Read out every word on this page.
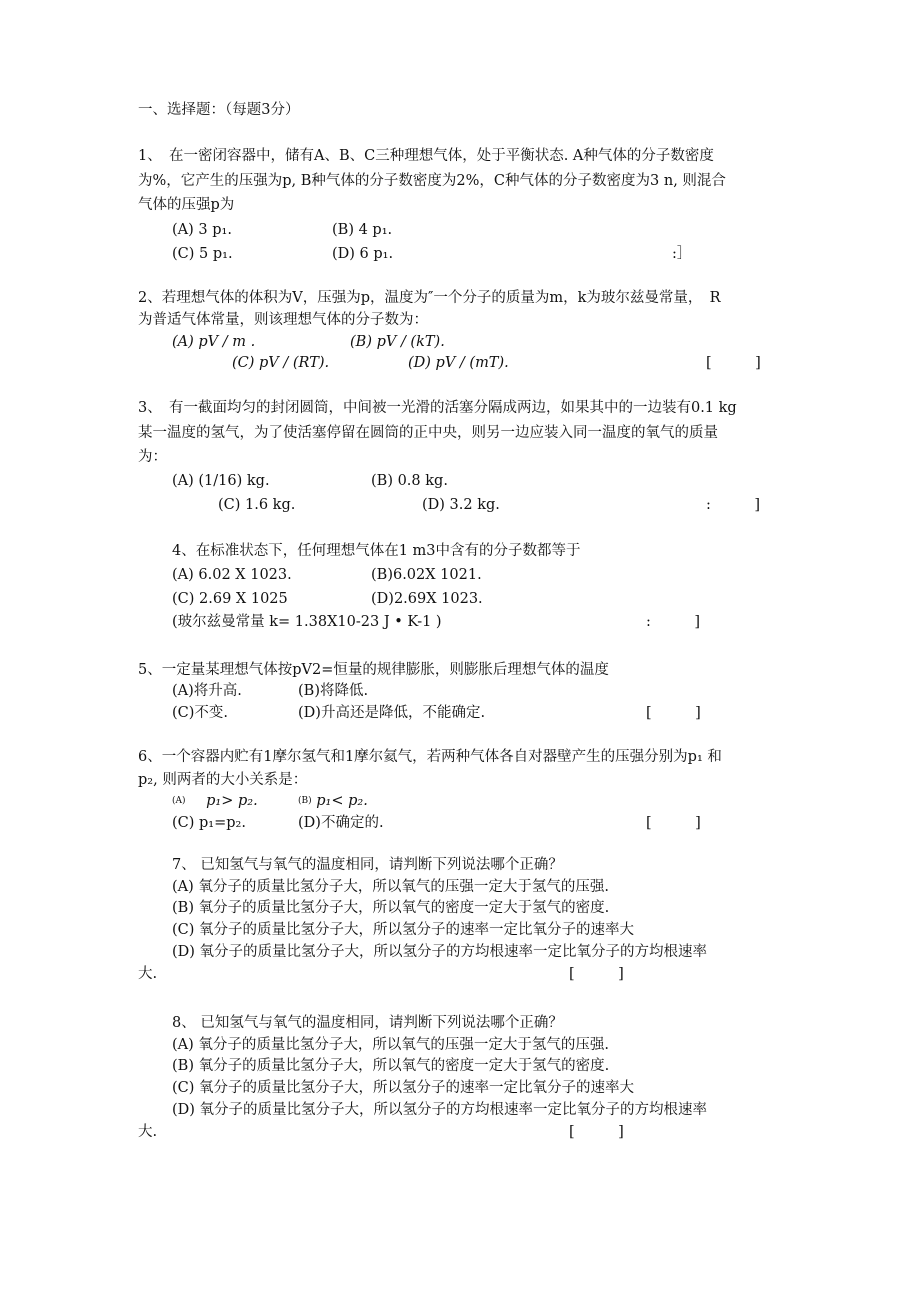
一、选择题：（每题3分）
1、　在一密闭容器中，储有A、B、C三种理想气体，处于平衡状态. A种气体的分子数密度
为%，它产生的压强为p, B种气体的分子数密度为2%，C种气体的分子数密度为3 n, 则混合
气体的压强p为
(A) 3 p₁.	(B) 4 p₁.
(C) 5 p₁.	(D) 6 p₁.	:］
2、若理想气体的体积为V，压强为p，温度为″一个分子的质量为m，k为玻尔兹曼常量，　R
为普适气体常量，则该理想气体的分子数为：
(A) pV / m .	(B) pV / (kT).
(C) pV / (RT).	(D) pV / (mT).	[　　　]
3、　有一截面均匀的封闭圆筒，中间被一光滑的活塞分隔成两边，如果其中的一边装有0.1 kg
某一温度的氢气，为了使活塞停留在圆筒的正中央，则另一边应装入同一温度的氧气的质量
为：
(A) (1/16) kg.	(B) 0.8 kg.
(C) 1.6 kg.	(D) 3.2 kg.	:　　　]
4、在标准状态下，任何理想气体在1 m3中含有的分子数都等于
(A) 6.02 X 1023.	(B)6.02X 1021.
(C) 2.69 X 1025	(D)2.69X 1023.
(玻尔兹曼常量 k= 1.38X10-23 J • K-1 )	:　　　]
5、一定量某理想气体按pV2=恒量的规律膨胀，则膨胀后理想气体的温度
(A)将升高.	(B)将降低.
(C)不变.	(D)升高还是降低，不能确定.	[　　　]
6、一个容器内贮有1摩尔氢气和1摩尔氦气，若两种气体各自对器壁产生的压强分别为p₁ 和
p₂, 则两者的大小关系是：
$^{(A)}$ p₁> p₂.	$^{(B)}$ p₁< p₂.
(C) p₁=p₂.	(D)不确定的.	[　　　]
7、 已知氢气与氧气的温度相同，请判断下列说法哪个正确？
(A) 氧分子的质量比氢分子大，所以氧气的压强一定大于氢气的压强.
(B) 氧分子的质量比氢分子大，所以氧气的密度一定大于氢气的密度.
(C) 氧分子的质量比氢分子大，所以氢分子的速率一定比氧分子的速率大
(D) 氧分子的质量比氢分子大，所以氢分子的方均根速率一定比氧分子的方均根速率
大.	[　　　]
8、 已知氢气与氧气的温度相同，请判断下列说法哪个正确？
(A) 氧分子的质量比氢分子大，所以氧气的压强一定大于氢气的压强.
(B) 氧分子的质量比氢分子大，所以氧气的密度一定大于氢气的密度.
(C) 氧分子的质量比氢分子大，所以氢分子的速率一定比氧分子的速率大
(D) 氧分子的质量比氢分子大，所以氢分子的方均根速率一定比氧分子的方均根速率
大.	[　　　]
